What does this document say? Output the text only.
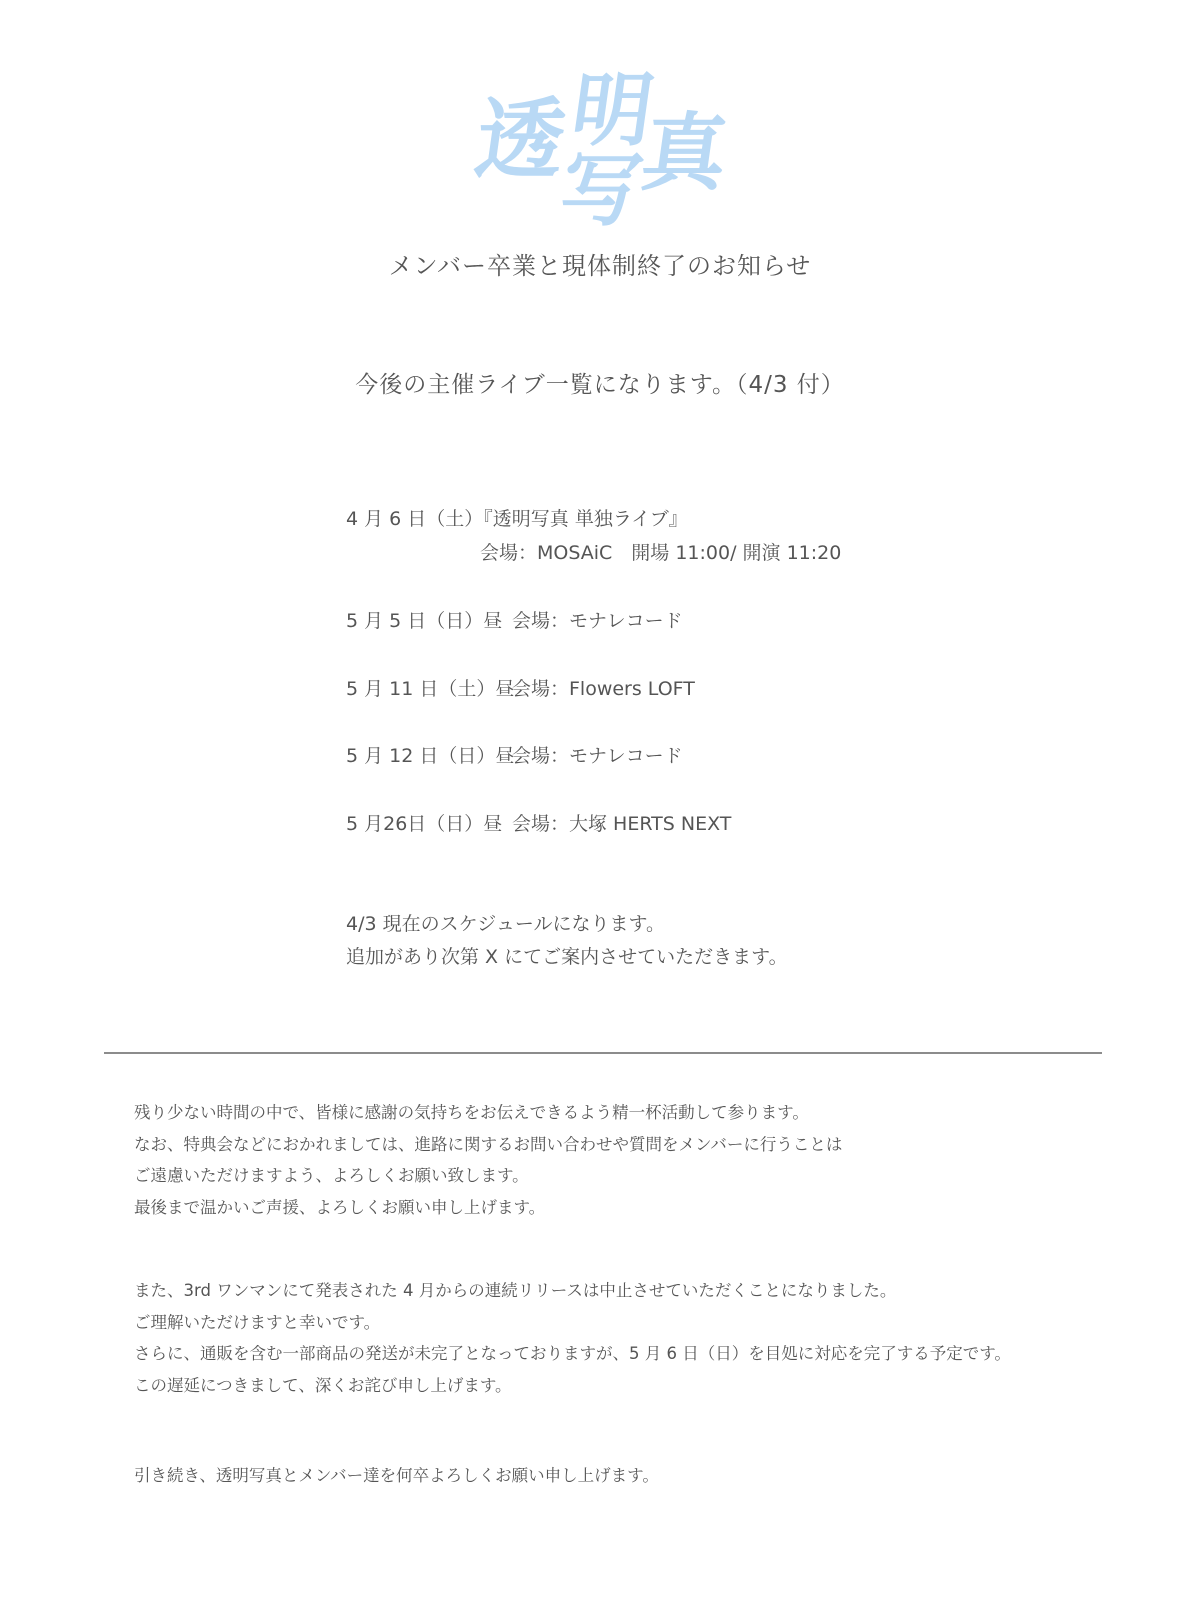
透
明
写
真
メンバー卒業と現体制終了のお知らせ
今後の主催ライブ一覧になります。（4/3 付）
4 月 6 日（土）『透明写真 単独ライブ』
会場：MOSAiC　開場 11:00/ 開演 11:20
5 月 5 日（日）昼 会場：モナレコード
5 月 11 日（土）昼会場：Flowers LOFT
5 月 12 日（日）昼会場：モナレコード
5 月26日（日）昼 会場：大塚 HERTS NEXT
4/3 現在のスケジュールになります。
追加があり次第 X にてご案内させていただきます。
残り少ない時間の中で、皆様に感謝の気持ちをお伝えできるよう精一杯活動して参ります。
なお、特典会などにおかれましては、進路に関するお問い合わせや質問をメンバーに行うことは
ご遠慮いただけますよう、よろしくお願い致します。
最後まで温かいご声援、よろしくお願い申し上げます。
また、3rd ワンマンにて発表された 4 月からの連続リリースは中止させていただくことになりました。
ご理解いただけますと幸いです。
さらに、通販を含む一部商品の発送が未完了となっておりますが、5 月 6 日（日）を目処に対応を完了する予定です。
この遅延につきまして、深くお詫び申し上げます。
引き続き、透明写真とメンバー達を何卒よろしくお願い申し上げます。
